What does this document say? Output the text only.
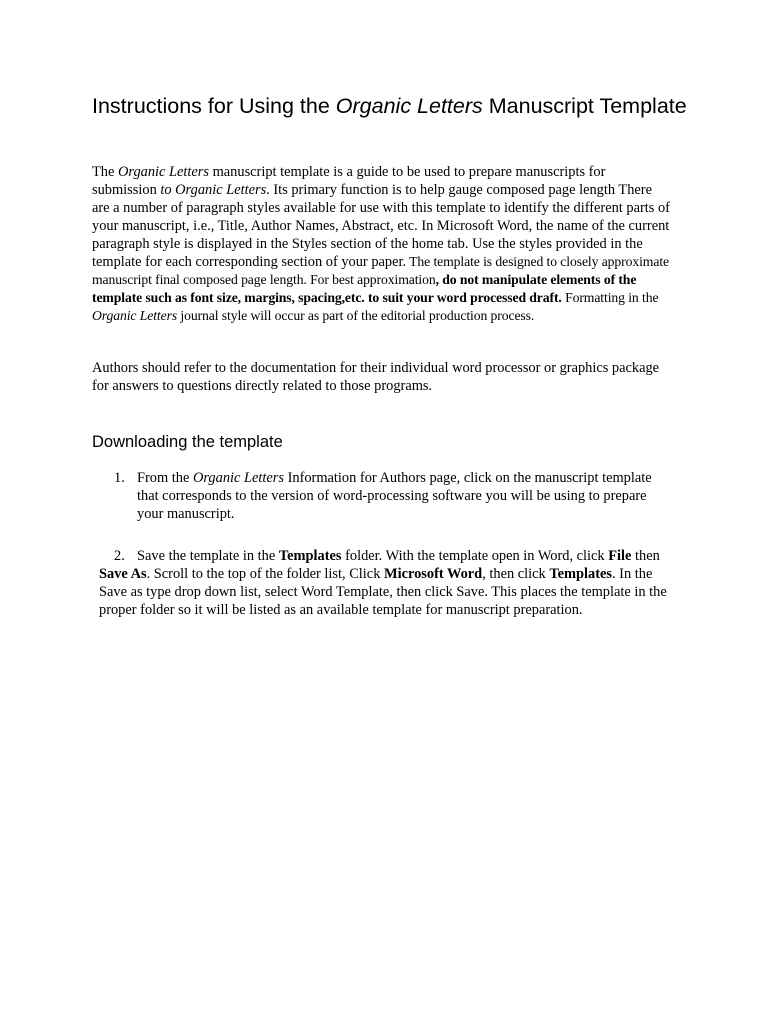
Instructions for Using the Organic Letters Manuscript Template

The Organic Letters manuscript template is a guide to be used to prepare manuscripts for submission to Organic Letters. Its primary function is to help gauge composed page length There are a number of paragraph styles available for use with this template to identify the different parts of your manuscript, i.e., Title, Author Names, Abstract, etc. In Microsoft Word, the name of the current paragraph style is displayed in the Styles section of the home tab. Use the styles provided in the template for each corresponding section of your paper. The template is designed to closely approximate manuscript final composed page length. For best approximation, do not manipulate elements of the template such as font size, margins, spacing,etc. to suit your word processed draft. Formatting in the Organic Letters journal style will occur as part of the editorial production process.

Authors should refer to the documentation for their individual word processor or graphics package for answers to questions directly related to those programs.

Downloading the template
1. From the Organic Letters Information for Authors page, click on the manuscript template that corresponds to the version of word-processing software you will be using to prepare your manuscript.
2. Save the template in the Templates folder. With the template open in Word, click File then Save As. Scroll to the top of the folder list, Click Microsoft Word, then click Templates. In the Save as type drop down list, select Word Template, then click Save. This places the template in the proper folder so it will be listed as an available template for manuscript preparation.
